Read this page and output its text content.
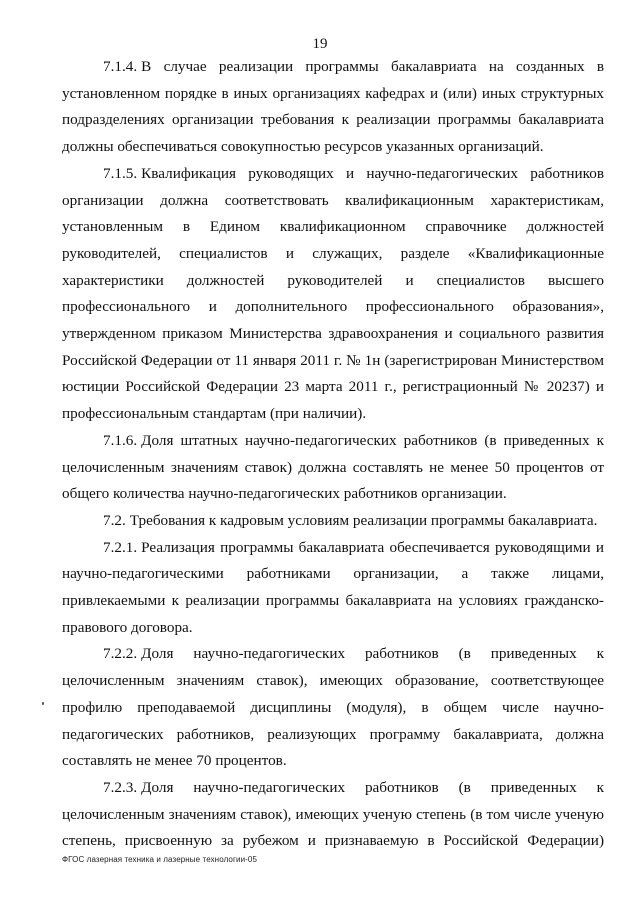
19

7.1.4. В случае реализации программы бакалавриата на созданных в установленном порядке в иных организациях кафедрах и (или) иных структурных подразделениях организации требования к реализации программы бакалавриата должны обеспечиваться совокупностью ресурсов указанных организаций.

7.1.5. Квалификация руководящих и научно-педагогических работников организации должна соответствовать квалификационным характеристикам, установленным в Едином квалификационном справочнике должностей руководителей, специалистов и служащих, разделе «Квалификационные характеристики должностей руководителей и специалистов высшего профессионального и дополнительного профессионального образования», утвержденном приказом Министерства здравоохранения и социального развития Российской Федерации от 11 января 2011 г. № 1н (зарегистрирован Министерством юстиции Российской Федерации 23 марта 2011 г., регистрационный № 20237) и профессиональным стандартам (при наличии).

7.1.6. Доля штатных научно-педагогических работников (в приведенных к целочисленным значениям ставок) должна составлять не менее 50 процентов от общего количества научно-педагогических работников организации.

7.2. Требования к кадровым условиям реализации программы бакалавриата.

7.2.1. Реализация программы бакалавриата обеспечивается руководящими и научно-педагогическими работниками организации, а также лицами, привлекаемыми к реализации программы бакалавриата на условиях гражданско-правового договора.

7.2.2. Доля научно-педагогических работников (в приведенных к целочисленным значениям ставок), имеющих образование, соответствующее профилю преподаваемой дисциплины (модуля), в общем числе научно-педагогических работников, реализующих программу бакалавриата, должна составлять не менее 70 процентов.

7.2.3. Доля научно-педагогических работников (в приведенных к целочисленным значениям ставок), имеющих ученую степень (в том числе ученую степень, присвоенную за рубежом и признаваемую в Российской Федерации)

ФГОС лазерная техника и лазерные технологии-05
